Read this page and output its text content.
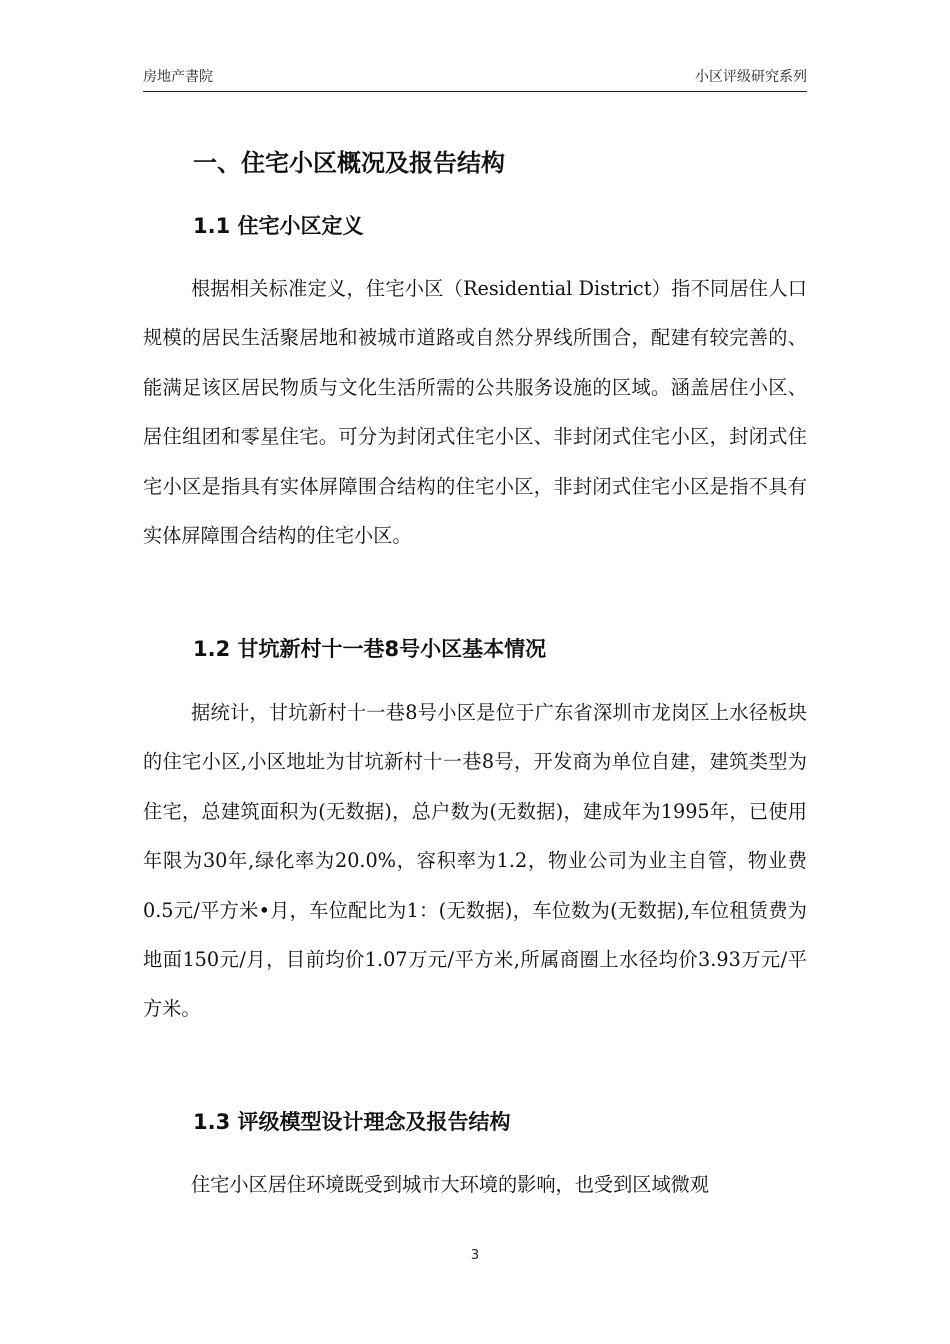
房地产書院	小区评级研究系列
一、住宅小区概况及报告结构
1.1 住宅小区定义

根据相关标准定义，住宅小区（Residential District）指不同居住人口规模的居民生活聚居地和被城市道路或自然分界线所围合，配建有较完善的、能满足该区居民物质与文化生活所需的公共服务设施的区域。涵盖居住小区、居住组团和零星住宅。可分为封闭式住宅小区、非封闭式住宅小区，封闭式住宅小区是指具有实体屏障围合结构的住宅小区，非封闭式住宅小区是指不具有实体屏障围合结构的住宅小区。

1.2 甘坑新村十一巷8号小区基本情况

据统计，甘坑新村十一巷8号小区是位于广东省深圳市龙岗区上水径板块的住宅小区,小区地址为甘坑新村十一巷8号，开发商为单位自建，建筑类型为住宅，总建筑面积为(无数据)，总户数为(无数据)，建成年为1995年，已使用年限为30年,绿化率为20.0%，容积率为1.2，物业公司为业主自管，物业费0.5元/平方米•月，车位配比为1：(无数据)，车位数为(无数据),车位租赁费为地面150元/月，目前均价1.07万元/平方米,所属商圈上水径均价3.93万元/平方米。

1.3 评级模型设计理念及报告结构

住宅小区居住环境既受到城市大环境的影响，也受到区域微观

3
